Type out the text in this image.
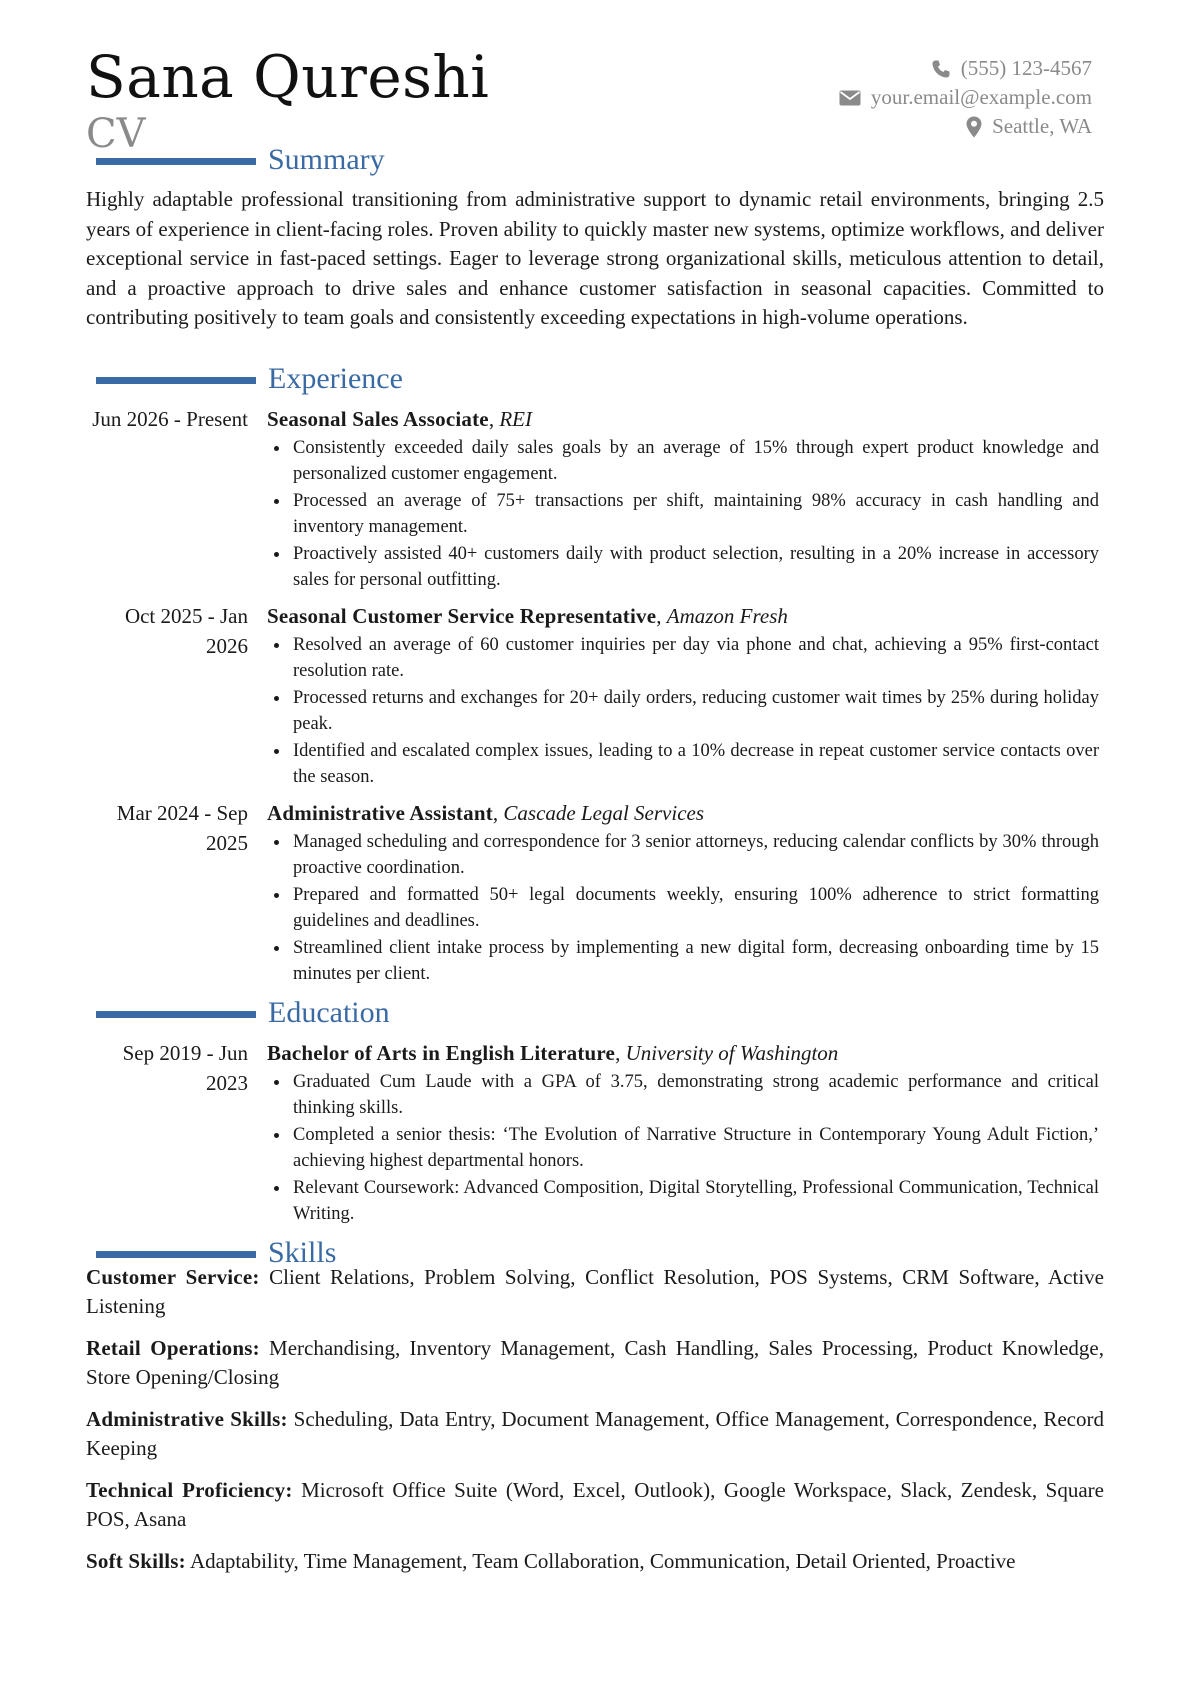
Sana Qureshi
CV
(555) 123-4567
your.email@example.com
Seattle, WA
Summary

Highly adaptable professional transitioning from administrative support to dynamic retail environments, bringing 2.5 years of experience in client-facing roles. Proven ability to quickly master new systems, optimize workflows, and deliver exceptional service in fast-paced settings. Eager to leverage strong organizational skills, meticulous attention to detail, and a proactive approach to drive sales and enhance customer satisfaction in seasonal capacities. Committed to contributing positively to team goals and consistently exceeding expectations in high-volume operations.

Experience
Jun 2026 - Present Seasonal Sales Associate, REI
Consistently exceeded daily sales goals by an average of 15% through expert product knowledge and personalized customer engagement.
Processed an average of 75+ transactions per shift, maintaining 98% accuracy in cash handling and inventory management.
Proactively assisted 40+ customers daily with product selection, resulting in a 20% increase in accessory sales for personal outfitting.
Oct 2025 - Jan 2026
Seasonal Customer Service Representative, Amazon Fresh
Resolved an average of 60 customer inquiries per day via phone and chat, achieving a 95% first-contact resolution rate.
Processed returns and exchanges for 20+ daily orders, reducing customer wait times by 25% during holiday peak.
Identified and escalated complex issues, leading to a 10% decrease in repeat customer service contacts over the season.
Mar 2024 - Sep 2025
Administrative Assistant, Cascade Legal Services
Managed scheduling and correspondence for 3 senior attorneys, reducing calendar conflicts by 30% through proactive coordination.
Prepared and formatted 50+ legal documents weekly, ensuring 100% adherence to strict formatting guidelines and deadlines.
Streamlined client intake process by implementing a new digital form, decreasing onboarding time by 15 minutes per client.
Education
Sep 2019 - Jun 2023
Bachelor of Arts in English Literature, University of Washington
Graduated Cum Laude with a GPA of 3.75, demonstrating strong academic performance and critical thinking skills.
Completed a senior thesis: ‘The Evolution of Narrative Structure in Contemporary Young Adult Fiction,’ achieving highest departmental honors.
Relevant Coursework: Advanced Composition, Digital Storytelling, Professional Communication, Technical Writing.
Skills

Customer Service: Client Relations, Problem Solving, Conflict Resolution, POS Systems, CRM Software, Active Listening

Retail Operations: Merchandising, Inventory Management, Cash Handling, Sales Processing, Product Knowledge, Store Opening/Closing

Administrative Skills: Scheduling, Data Entry, Document Management, Office Management, Correspondence, Record Keeping

Technical Proficiency: Microsoft Office Suite (Word, Excel, Outlook), Google Workspace, Slack, Zendesk, Square POS, Asana

Soft Skills: Adaptability, Time Management, Team Collaboration, Communication, Detail Oriented, Proactive
